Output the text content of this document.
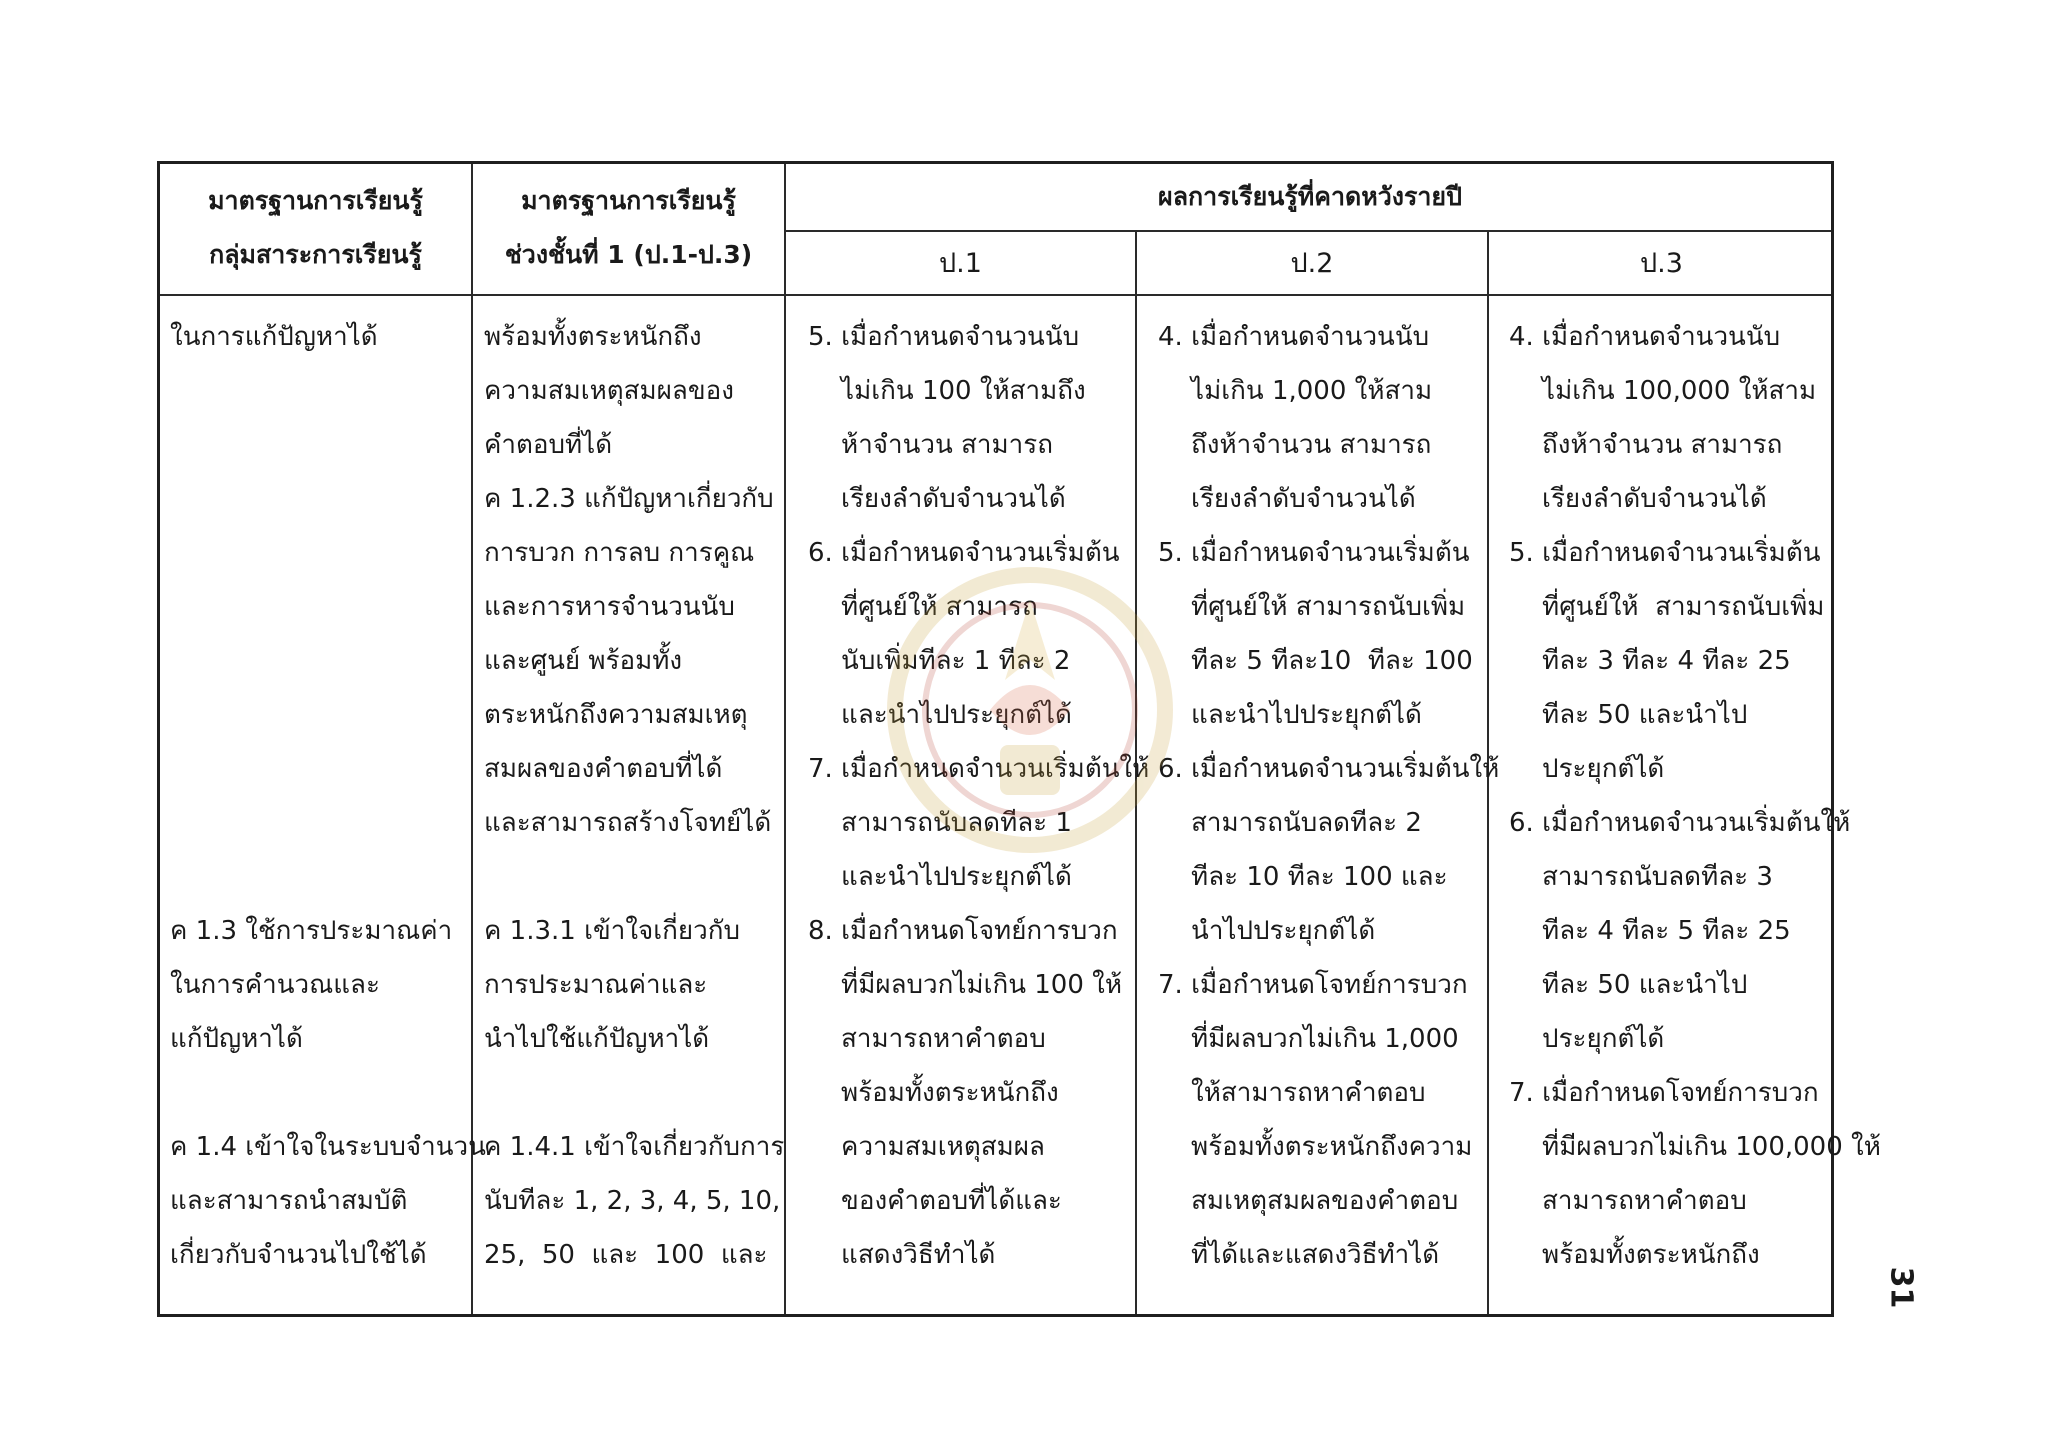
มาตรฐานการเรียนรู้
กลุ่มสาระการเรียนรู้
มาตรฐานการเรียนรู้
ช่วงชั้นที่ 1 (ป.1-ป.3)
ผลการเรียนรู้ที่คาดหวังรายปี
ป.1	ป.2	ป.3
ในการแก้ปัญหาได้
ค 1.3 ใช้การประมาณค่า
ในการคำนวณและ
แก้ปัญหาได้
ค 1.4 เข้าใจในระบบจำนวน
และสามารถนำสมบัติ
เกี่ยวกับจำนวนไปใช้ได้
พร้อมทั้งตระหนักถึง
ความสมเหตุสมผลของ
คำตอบที่ได้
ค 1.2.3 แก้ปัญหาเกี่ยวกับ
การบวก การลบ การคูณ
และการหารจำนวนนับ
และศูนย์ พร้อมทั้ง
ตระหนักถึงความสมเหตุ
สมผลของคำตอบที่ได้
และสามารถสร้างโจทย์ได้
ค 1.3.1 เข้าใจเกี่ยวกับ
การประมาณค่าและ
นำไปใช้แก้ปัญหาได้
ค 1.4.1 เข้าใจเกี่ยวกับการ
นับทีละ 1, 2, 3, 4, 5, 10,
25,  50  และ  100  และ
5. เมื่อกำหนดจำนวนนับ
ไม่เกิน 100 ให้สามถึง
ห้าจำนวน สามารถ
เรียงลำดับจำนวนได้
6. เมื่อกำหนดจำนวนเริ่มต้น
ที่ศูนย์ให้ สามารถ
นับเพิ่มทีละ 1 ทีละ 2
และนำไปประยุกต์ได้
7. เมื่อกำหนดจำนวนเริ่มต้นให้
สามารถนับลดทีละ 1
และนำไปประยุกต์ได้
8. เมื่อกำหนดโจทย์การบวก
ที่มีผลบวกไม่เกิน 100 ให้
สามารถหาคำตอบ
พร้อมทั้งตระหนักถึง
ความสมเหตุสมผล
ของคำตอบที่ได้และ
แสดงวิธีทำได้
4. เมื่อกำหนดจำนวนนับ
ไม่เกิน 1,000 ให้สาม
ถึงห้าจำนวน สามารถ
เรียงลำดับจำนวนได้
5. เมื่อกำหนดจำนวนเริ่มต้น
ที่ศูนย์ให้ สามารถนับเพิ่ม
ทีละ 5 ทีละ10  ทีละ 100
และนำไปประยุกต์ได้
6. เมื่อกำหนดจำนวนเริ่มต้นให้
สามารถนับลดทีละ 2
ทีละ 10 ทีละ 100 และ
นำไปประยุกต์ได้
7. เมื่อกำหนดโจทย์การบวก
ที่มีผลบวกไม่เกิน 1,000
ให้สามารถหาคำตอบ
พร้อมทั้งตระหนักถึงความ
สมเหตุสมผลของคำตอบ
ที่ได้และแสดงวิธีทำได้
4. เมื่อกำหนดจำนวนนับ
ไม่เกิน 100,000 ให้สาม
ถึงห้าจำนวน สามารถ
เรียงลำดับจำนวนได้
5. เมื่อกำหนดจำนวนเริ่มต้น
ที่ศูนย์ให้  สามารถนับเพิ่ม
ทีละ 3 ทีละ 4 ทีละ 25
ทีละ 50 และนำไป
ประยุกต์ได้
6. เมื่อกำหนดจำนวนเริ่มต้นให้
สามารถนับลดทีละ 3
ทีละ 4 ทีละ 5 ทีละ 25
ทีละ 50 และนำไป
ประยุกต์ได้
7. เมื่อกำหนดโจทย์การบวก
ที่มีผลบวกไม่เกิน 100,000 ให้
สามารถหาคำตอบ
พร้อมทั้งตระหนักถึง
31
